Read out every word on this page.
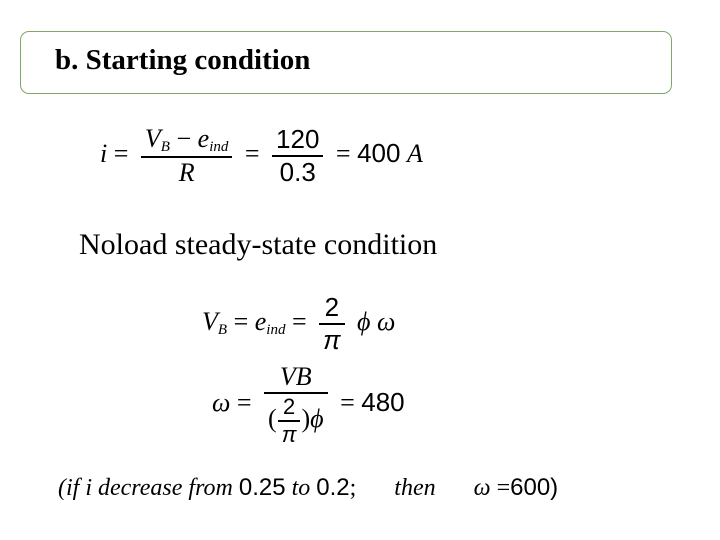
b. Starting condition
$i = \frac{V_B - e_{ind}}{R} = \frac{120}{0.3} = 400$ A
Noload steady-state condition
$V_B = e_{ind} = \frac{2}{\pi}$ ϕ ω
$\omega = \frac{VB}{( \frac{2}{\pi} )\phi} = 480$
(if i decrease from 0.25 to 0.2; then ω =600)
